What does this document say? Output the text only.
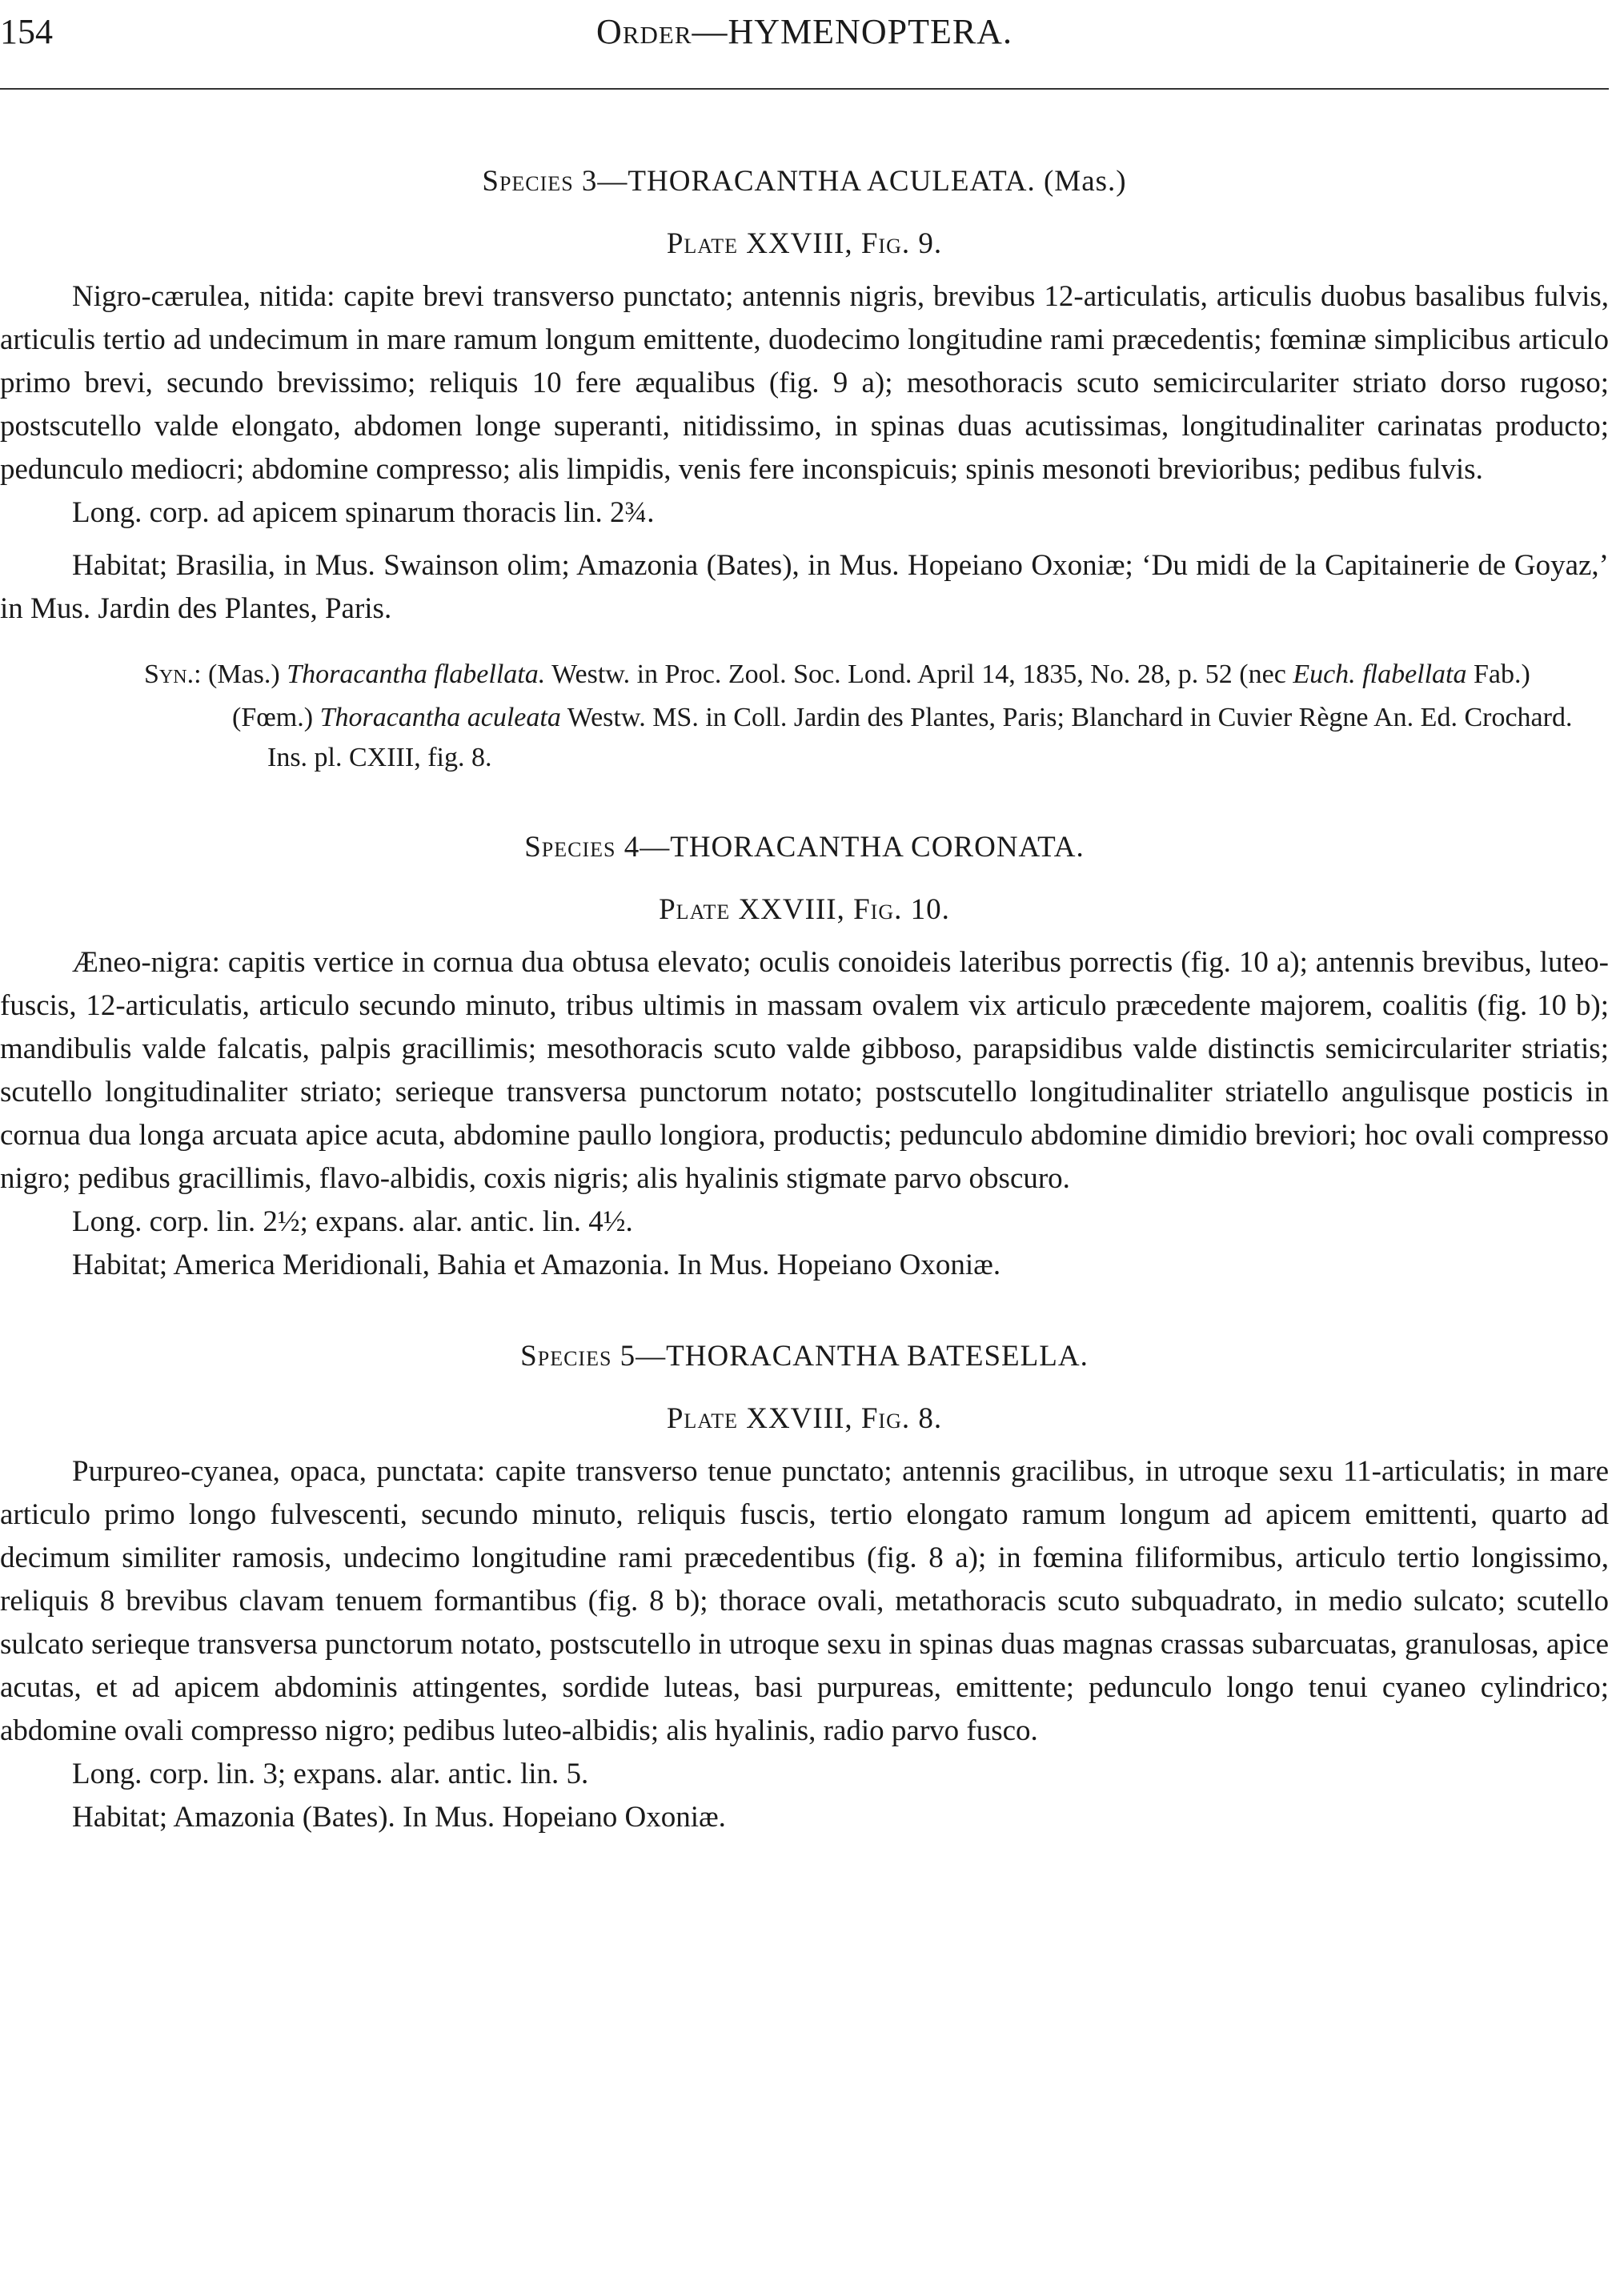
154	Order—HYMENOPTERA.

Species 3—THORACANTHA ACULEATA. (Mas.)

Plate XXVIII, Fig. 9.

Nigro-cærulea, nitida: capite brevi transverso punctato; antennis nigris, brevibus 12-articulatis, articulis duobus basalibus fulvis, articulis tertio ad undecimum in mare ramum longum emittente, duodecimo longitudine rami præcedentis; fœminæ simplicibus articulo primo brevi, secundo brevissimo; reliquis 10 fere æqualibus (fig. 9 a); mesothoracis scuto semicirculariter striato dorso rugoso; postscutello valde elongato, abdomen longe superanti, nitidissimo, in spinas duas acutissimas, longitudinaliter carinatas producto; pedunculo mediocri; abdomine compresso; alis limpidis, venis fere inconspicuis; spinis mesonoti brevioribus; pedibus fulvis.

Long. corp. ad apicem spinarum thoracis lin. 2¾.

Habitat; Brasilia, in Mus. Swainson olim; Amazonia (Bates), in Mus. Hopeiano Oxoniæ; ‘Du midi de la Capitainerie de Goyaz,’ in Mus. Jardin des Plantes, Paris.

Syn.: (Mas.) Thoracantha flabellata. Westw. in Proc. Zool. Soc. Lond. April 14, 1835, No. 28, p. 52 (nec Euch. flabellata Fab.)

(Fœm.) Thoracantha aculeata Westw. MS. in Coll. Jardin des Plantes, Paris; Blanchard in Cuvier Règne An. Ed. Crochard. Ins. pl. CXIII, fig. 8.

Species 4—THORACANTHA CORONATA.

Plate XXVIII, Fig. 10.

Æneo-nigra: capitis vertice in cornua dua obtusa elevato; oculis conoideis lateribus porrectis (fig. 10 a); antennis brevibus, luteo-fuscis, 12-articulatis, articulo secundo minuto, tribus ultimis in massam ovalem vix articulo præcedente majorem, coalitis (fig. 10 b); mandibulis valde falcatis, palpis gracillimis; mesothoracis scuto valde gibboso, parapsidibus valde distinctis semicirculariter striatis; scutello longitudinaliter striato; serieque transversa punctorum notato; postscutello longitudinaliter striatello angulisque posticis in cornua dua longa arcuata apice acuta, abdomine paullo longiora, productis; pedunculo abdomine dimidio breviori; hoc ovali compresso nigro; pedibus gracillimis, flavo-albidis, coxis nigris; alis hyalinis stigmate parvo obscuro.

Long. corp. lin. 2½; expans. alar. antic. lin. 4½.

Habitat; America Meridionali, Bahia et Amazonia. In Mus. Hopeiano Oxoniæ.

Species 5—THORACANTHA BATESELLA.

Plate XXVIII, Fig. 8.

Purpureo-cyanea, opaca, punctata: capite transverso tenue punctato; antennis gracilibus, in utroque sexu 11-articulatis; in mare articulo primo longo fulvescenti, secundo minuto, reliquis fuscis, tertio elongato ramum longum ad apicem emittenti, quarto ad decimum similiter ramosis, undecimo longitudine rami præcedentibus (fig. 8 a); in fœmina filiformibus, articulo tertio longissimo, reliquis 8 brevibus clavam tenuem formantibus (fig. 8 b); thorace ovali, metathoracis scuto subquadrato, in medio sulcato; scutello sulcato serieque transversa punctorum notato, postscutello in utroque sexu in spinas duas magnas crassas subarcuatas, granulosas, apice acutas, et ad apicem abdominis attingentes, sordide luteas, basi purpureas, emittente; pedunculo longo tenui cyaneo cylindrico; abdomine ovali compresso nigro; pedibus luteo-albidis; alis hyalinis, radio parvo fusco.

Long. corp. lin. 3; expans. alar. antic. lin. 5.

Habitat; Amazonia (Bates). In Mus. Hopeiano Oxoniæ.
